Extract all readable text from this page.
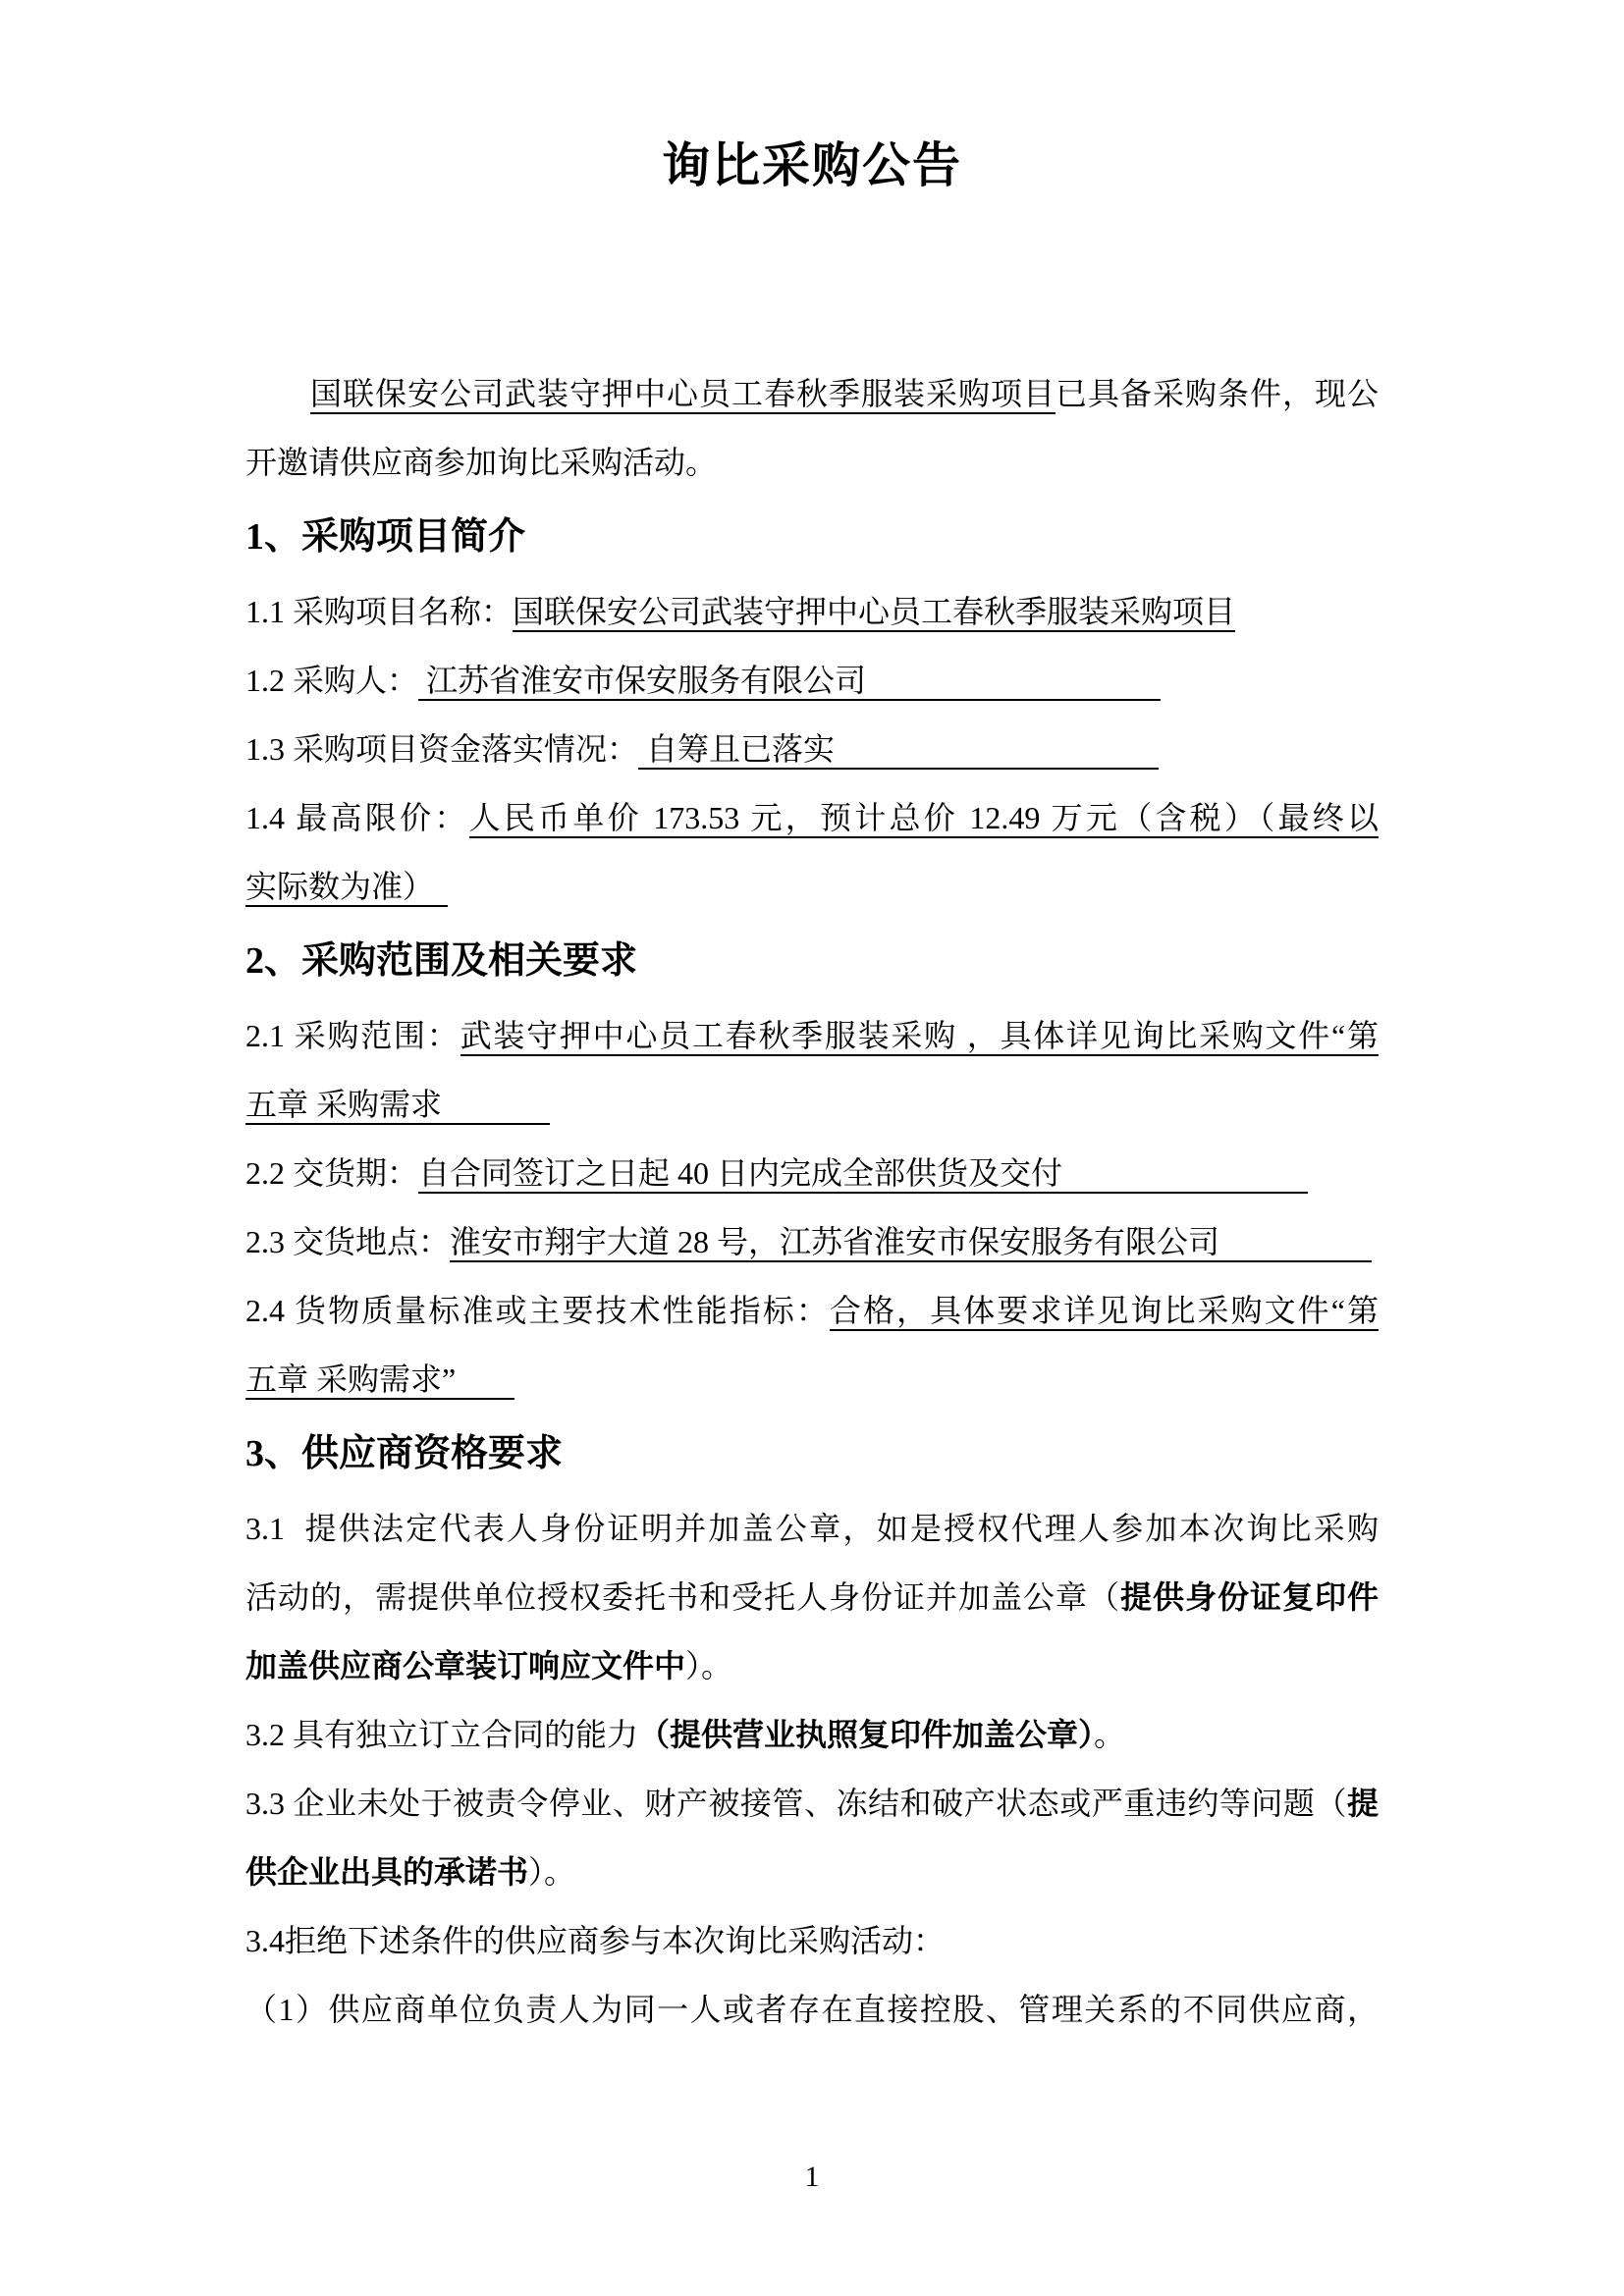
询比采购公告
　　国联保安公司武装守押中心员工春秋季服装采购项目已具备采购条件，现公
开邀请供应商参加询比采购活动。
1、采购项目简介
1.1 采购项目名称：国联保安公司武装守押中心员工春秋季服装采购项目
1.2 采购人： 江苏省淮安市保安服务有限公司
1.3 采购项目资金落实情况： 自筹且已落实
1.4 最高限价：人民币单价 173.53 元，预计总价 12.49 万元（含税）（最终以
实际数为准）
2、采购范围及相关要求
2.1 采购范围：武装守押中心员工春秋季服装采购 ，具体详见询比采购文件“第
五章 采购需求
2.2 交货期：自合同签订之日起 40 日内完成全部供货及交付
2.3 交货地点：淮安市翔宇大道 28 号，江苏省淮安市保安服务有限公司
2.4 货物质量标准或主要技术性能指标：合格，具体要求详见询比采购文件“第
五章 采购需求”
3、供应商资格要求
3.1  提供法定代表人身份证明并加盖公章，如是授权代理人参加本次询比采购
活动的，需提供单位授权委托书和受托人身份证并加盖公章（提供身份证复印件
加盖供应商公章装订响应文件中）。
3.2 具有独立订立合同的能力（提供营业执照复印件加盖公章）。
3.3 企业未处于被责令停业、财产被接管、冻结和破产状态或严重违约等问题（提
供企业出具的承诺书）。
3.4拒绝下述条件的供应商参与本次询比采购活动：
（1）供应商单位负责人为同一人或者存在直接控股、管理关系的不同供应商，
1
